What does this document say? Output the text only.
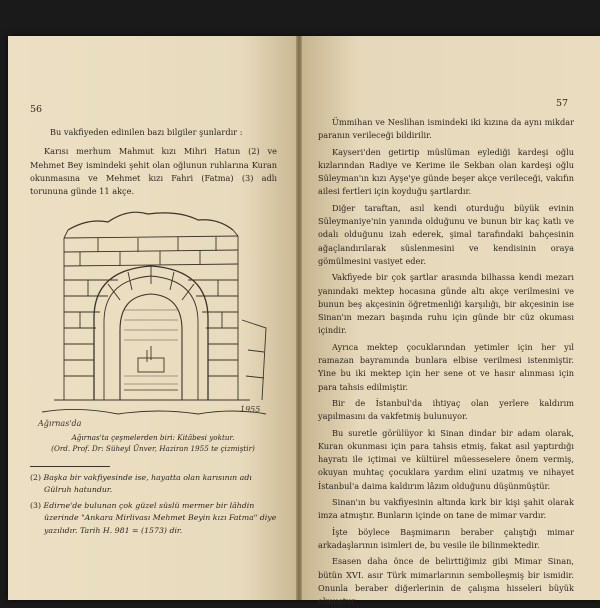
56

Bu vakfiyeden edinilen bazı bilgiler şunlardır :

Karısı merhum Mahmut kızı Mihri Hatun (2) ve Mehmet Bey ismindeki şehit olan oğlunun ruhlarına Kuran okunmasına ve Mehmet kızı Fahri (Fatma) (3) adlı torununa günde 11 akçe.

Ağırnas'da
1955
Ağırnas'ta çeşmelerden biri: Kitâbesi yoktur.
(Ord. Prof. Dr: Süheyl Ünver, Haziran 1955 te çizmiştir)

(2) Başka bir vakfiyesinde ise, hayatta olan karısının adı Gülruh hatundur.

(3) Edirne'de bulunan çok güzel süslü mermer bir lâhdin üzerinde "Ankara Mirlivası Mehmet Beyin kızı Fatma" diye yazılıdır. Tarih H. 981 = (1573) dir.

57

Ümmihan ve Neslihan ismindeki iki kızına da aynı mikdar paranın verileceği bildirilir.

Kayseri'den getirtip müslüman eylediği kardeşi oğlu kızlarından Radiye ve Kerime ile Sekban olan kardeşi oğlu Süleyman'ın kızı Ayşe'ye günde beşer akçe verileceği, vakıfın ailesi fertleri için koyduğu şartlardır.

Diğer taraftan, asıl kendi oturduğu büyük evinin Süleymaniye'nin yanında olduğunu ve bunun bir kaç katlı ve odalı olduğunu izah ederek, şimal tarafındaki bahçesinin ağaçlandırılarak süslenmesini ve kendisinin oraya gömülmesini vasiyet eder.

Vakfiyede bir çok şartlar arasında bilhassa kendi mezarı yanındaki mektep hocasına günde altı akçe verilmesini ve bunun beş akçesinin öğretmenliği karşılığı, bir akçesinin ise Sinan'ın mezarı başında ruhu için günde bir cüz okuması içindir.

Ayrıca mektep çocuklarından yetimler için her yıl ramazan bayramında bunlara elbise verilmesi istenmiştir. Yine bu iki mektep için her sene ot ve hasır alınması için para tahsis edilmiştir.

Bir de İstanbul'da ihtiyaç olan yerlere kaldırım yapılmasını da vakfetmiş bulunuyor.

Bu suretle görülüyor ki Sinan dindar bir adam olarak, Kuran okunması için para tahsis etmiş, fakat asıl yaptırdığı hayratı ile içtimai ve kültürel müesseselere önem vermiş, okuyan muhtaç çocuklara yardım elini uzatmış ve nihayet İstanbul'a daima kaldırım lâzım olduğunu düşünmüştür.

Sinan'ın bu vakfiyesinin altında kırk bir kişi şahit olarak imza atmıştır. Bunların içinde on tane de mimar vardır.

İşte böylece Başmimarın beraber çalıştığı mimar arkadaşlarının isimleri de, bu vesile ile bilinmektedir.

Esasen daha önce de belirttiğimiz gibi Mimar Sinan, bütün XVI. asır Türk mimarlarının sembolleşmiş bir ismidir. Onunla beraber diğerlerinin de çalışma hisseleri büyük olmuştur.
